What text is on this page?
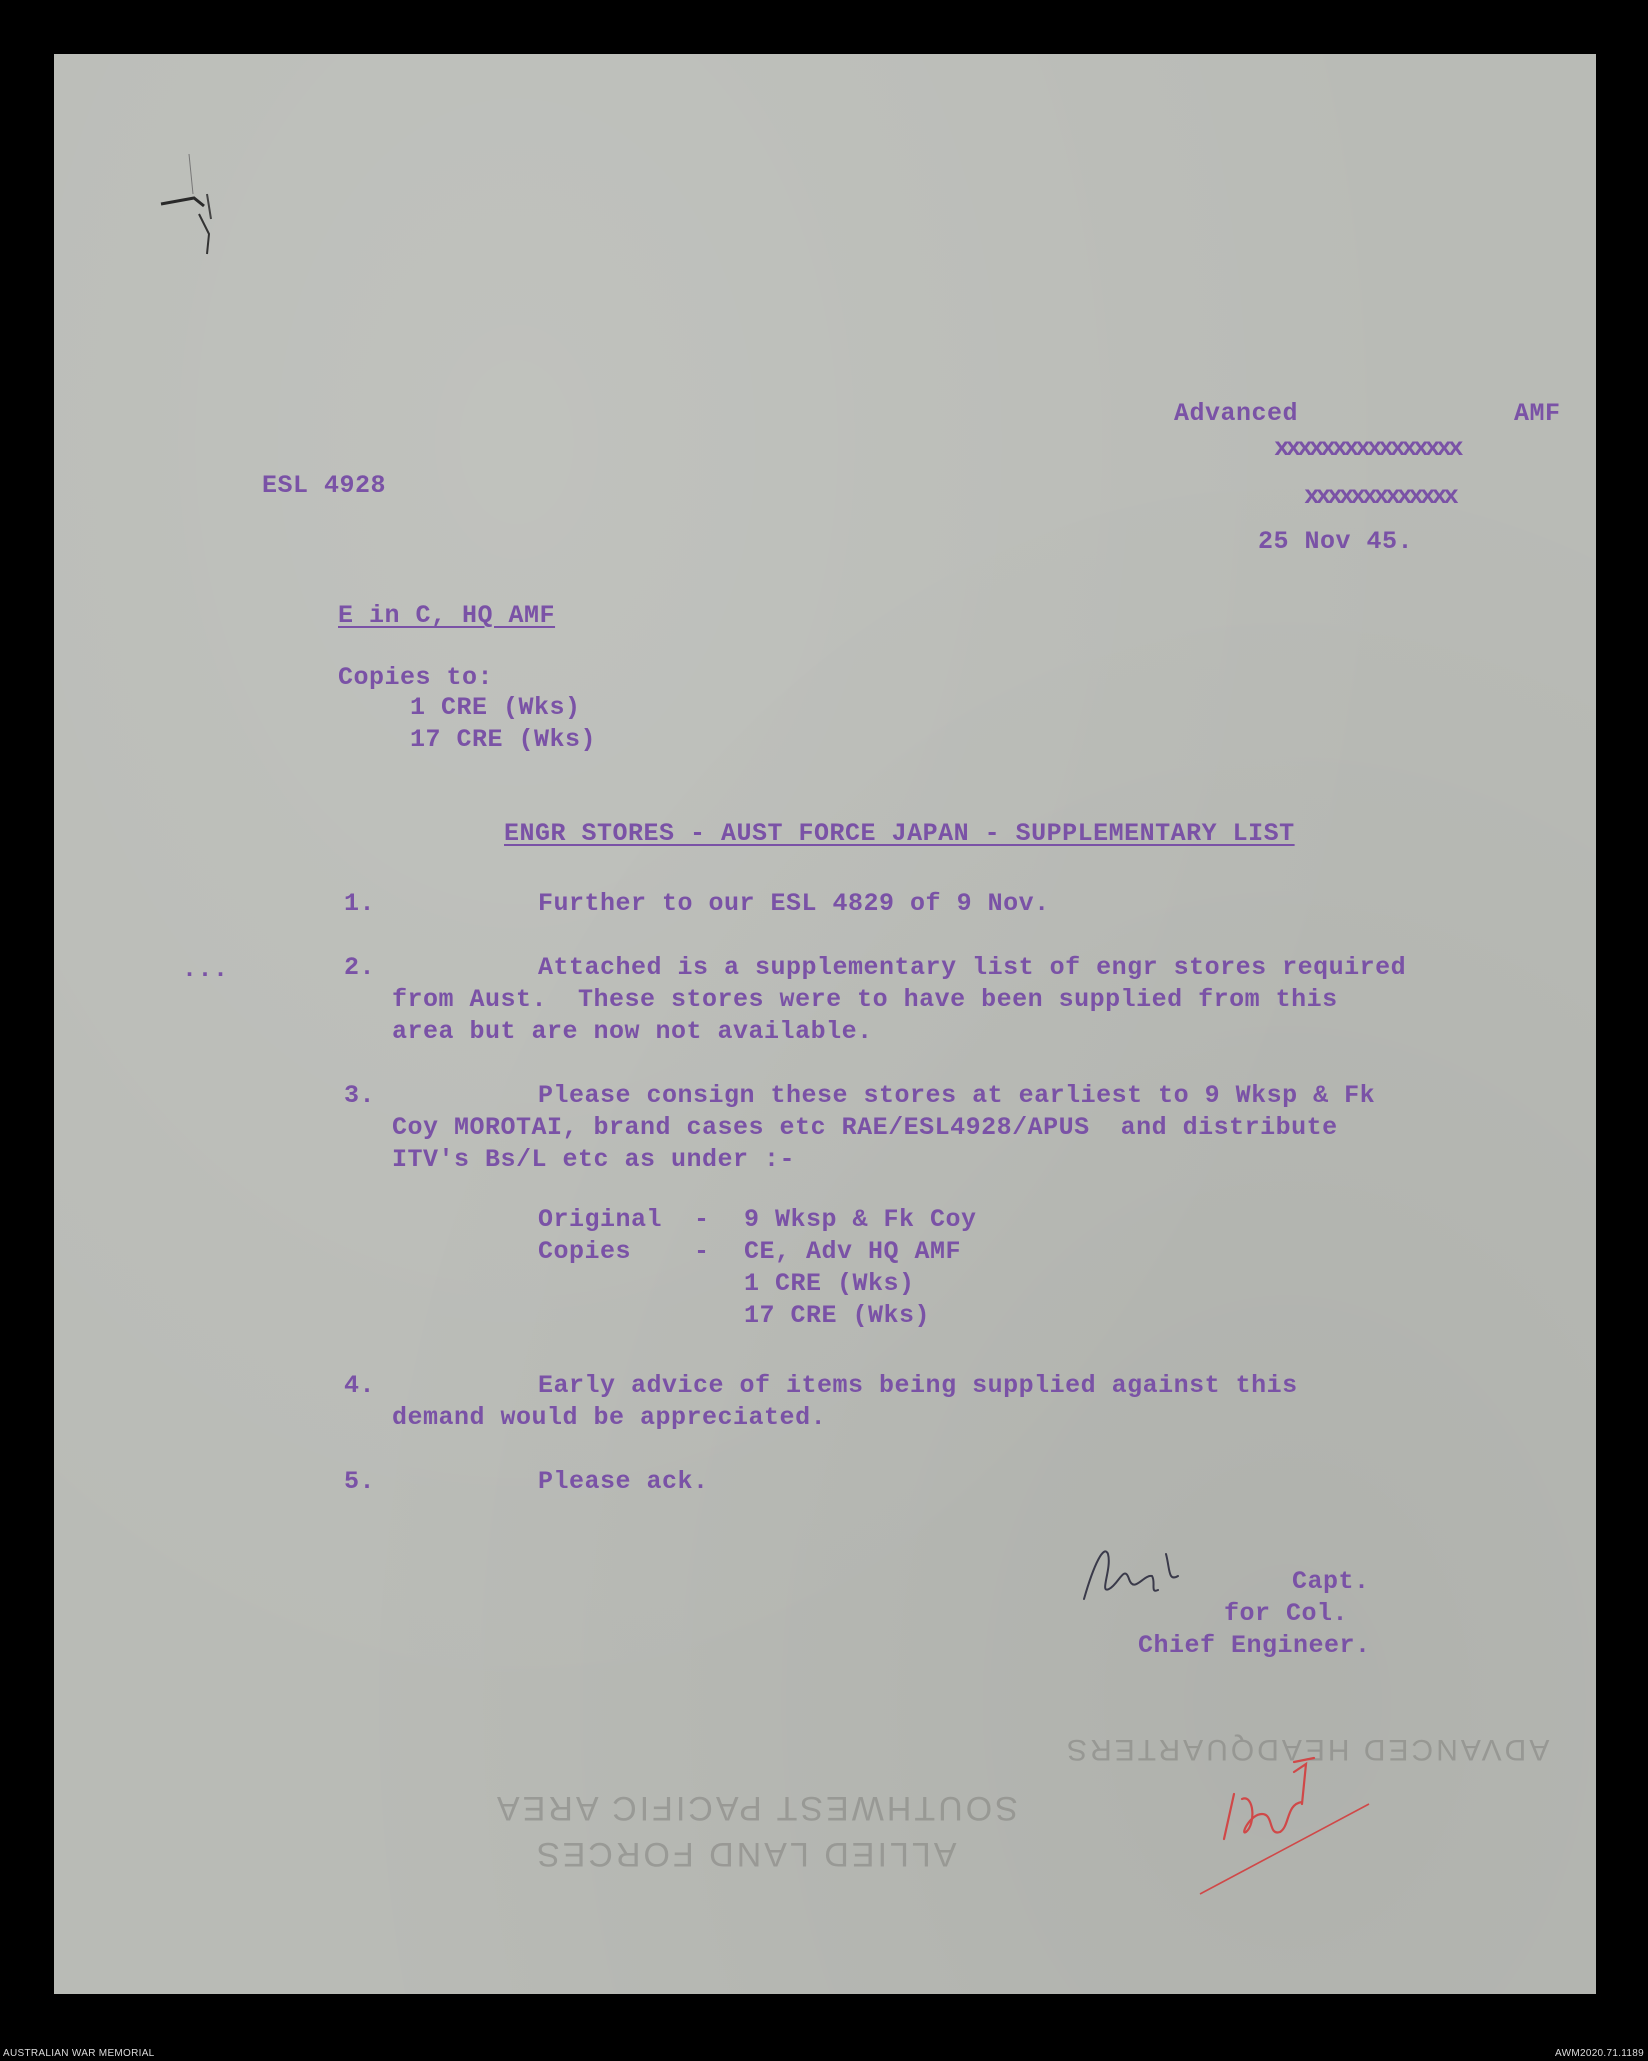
Advanced	AMF
xxxxxxxxxxxxxxxx
xxxxxxxxxxxxx
25 Nov 45.
ESL 4928
E in C, HQ AMF
Copies to:
1 CRE (Wks)
17 CRE (Wks)
ENGR STORES - AUST FORCE JAPAN - SUPPLEMENTARY LIST
1.	Further to our ESL 4829 of 9 Nov.
...	2.	Attached is a supplementary list of engr stores required
from Aust.  These stores were to have been supplied from this
area but are now not available.
3.	Please consign these stores at earliest to 9 Wksp & Fk
Coy MOROTAI, brand cases etc RAE/ESL4928/APUS  and distribute
ITV's Bs/L etc as under :-
Original - 9 Wksp & Fk Coy
Copies	- CE, Adv HQ AMF
1 CRE (Wks)
17 CRE (Wks)
4.	Early advice of items being supplied against this
demand would be appreciated.
5.	Please ack.
Capt.
for Col.
Chief Engineer.
ADVANCED HEADQUARTERS
SOUTHWEST PACIFIC AREA
ALLIED LAND FORCES
AUSTRALIAN WAR MEMORIAL	AWM2020.71.1189
